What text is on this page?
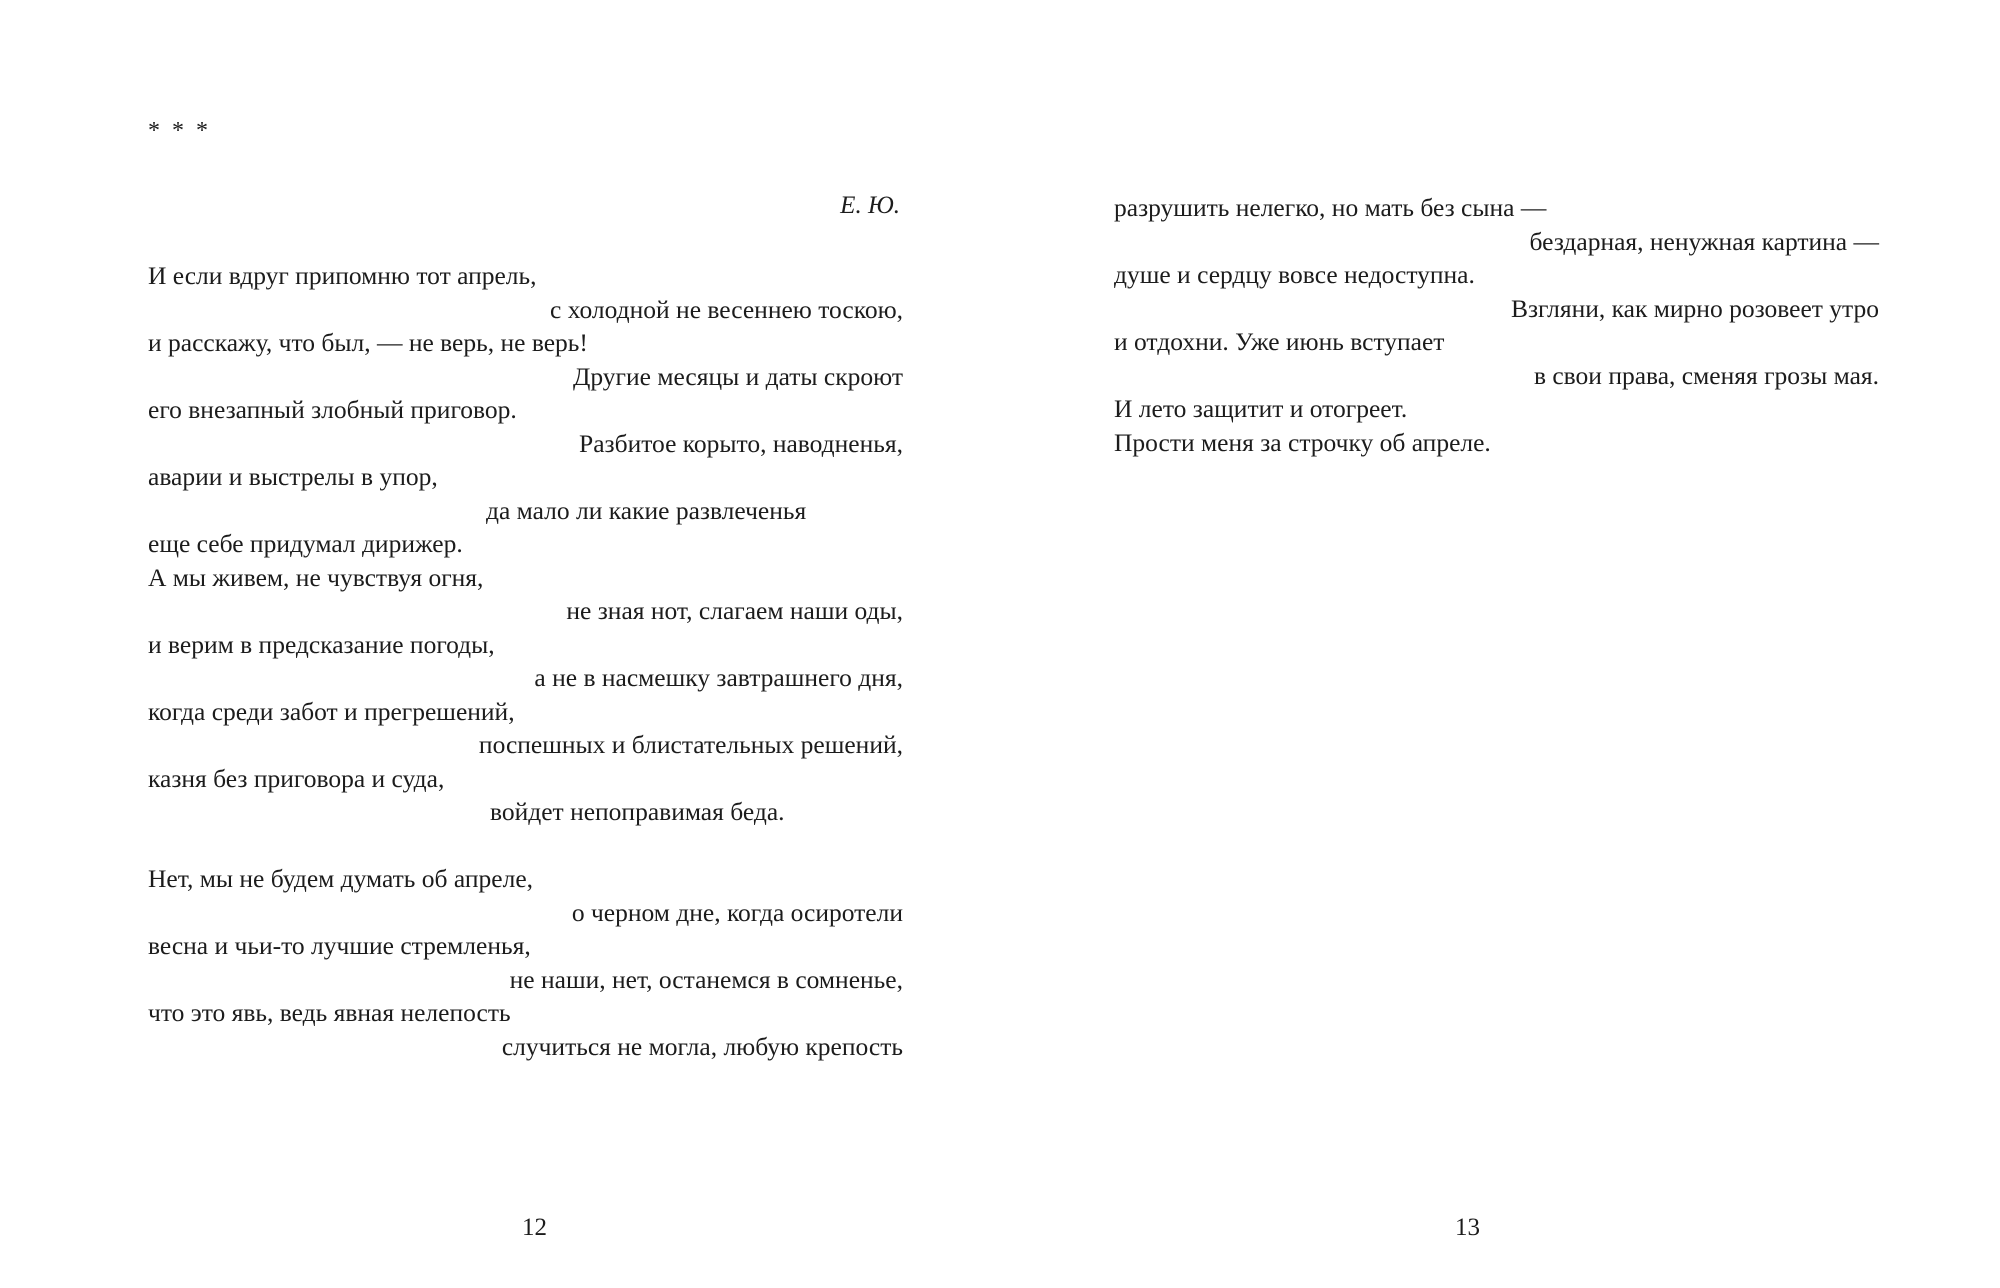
* * *
Е. Ю.
И если вдруг припомню тот апрель,
с холодной не весеннею тоскою,
и расскажу, что был, — не верь, не верь!
Другие месяцы и даты скроют
его внезапный злобный приговор.
Разбитое корыто, наводненья,
аварии и выстрелы в упор,
да мало ли какие развлеченья
еще себе придумал дирижер.
А мы живем, не чувствуя огня,
не зная нот, слагаем наши оды,
и верим в предсказание погоды,
а не в насмешку завтрашнего дня,
когда среди забот и прегрешений,
поспешных и блистательных решений,
казня без приговора и суда,
войдет непоправимая беда.
Нет, мы не будем думать об апреле,
о черном дне, когда осиротели
весна и чьи-то лучшие стремленья,
не наши, нет, останемся в сомненье,
что это явь, ведь явная нелепость
случиться не могла, любую крепость
12
разрушить нелегко, но мать без сына —
бездарная, ненужная картина —
душе и сердцу вовсе недоступна.
Взгляни, как мирно розовеет утро
и отдохни. Уже июнь вступает
в свои права, сменяя грозы мая.
И лето защитит и отогреет.
Прости меня за строчку об апреле.
13
